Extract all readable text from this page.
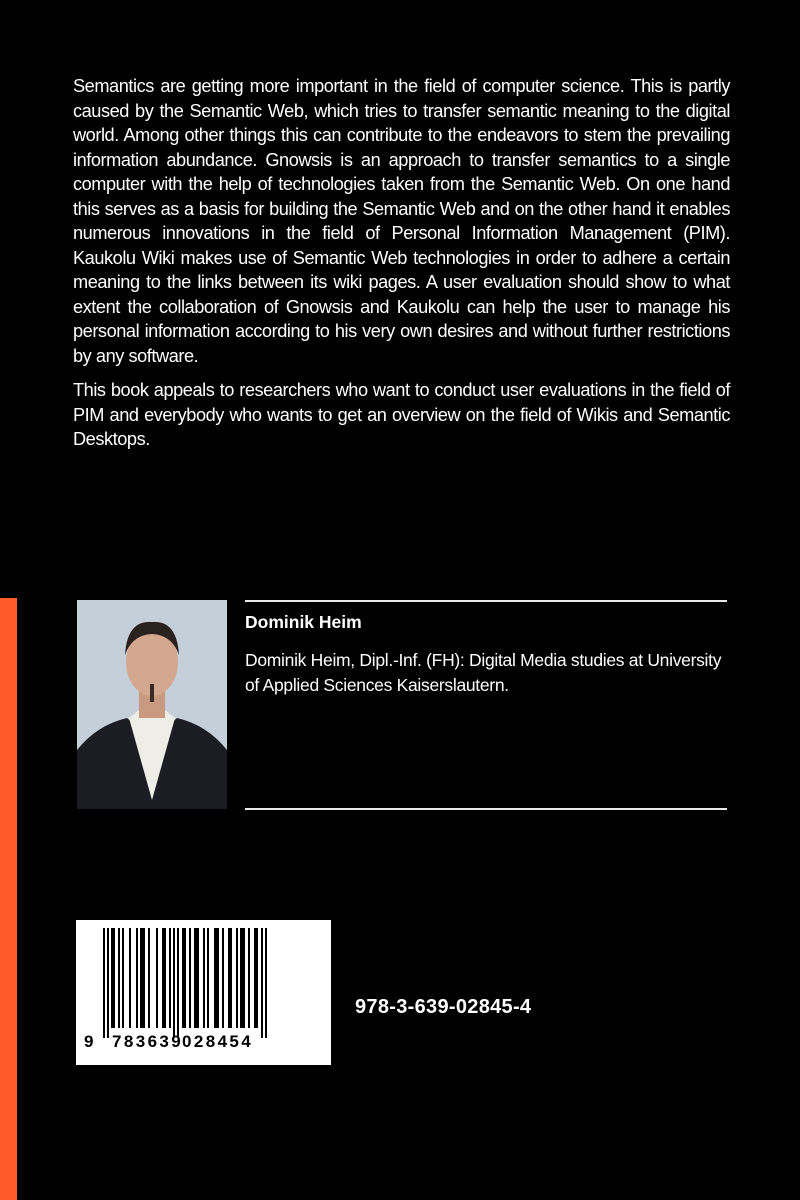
Semantics are getting more important in the field of computer science. This is partly caused by the Semantic Web, which tries to transfer semantic meaning to the digital world. Among other things this can contribute to the endeavors to stem the prevailing information abundance. Gnowsis is an approach to transfer semantics to a single computer with the help of technologies taken from the Semantic Web. On one hand this serves as a basis for building the Semantic Web and on the other hand it enables numerous innovations in the field of Personal Information Management (PIM). Kaukolu Wiki makes use of Semantic Web technologies in order to adhere a certain meaning to the links between its wiki pages. A user evaluation should show to what extent the collaboration of Gnowsis and Kaukolu can help the user to manage his personal information according to his very own desires and without further restrictions by any software.

This book appeals to researchers who want to conduct user evaluations in the field of PIM and everybody who wants to get an overview on the field of Wikis and Semantic Desktops.

Dominik Heim
Dominik Heim, Dipl.-Inf. (FH): Digital Media studies at University of Applied Sciences Kaiserslautern.
9 783639
028454
978-3-639-02845-4
